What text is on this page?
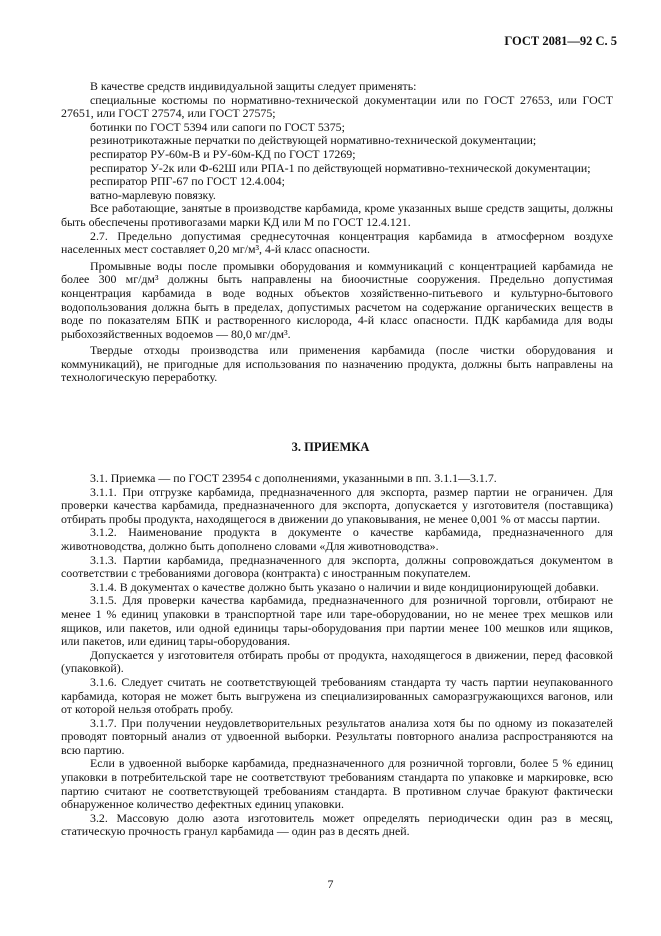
ГОСТ 2081—92 С. 5

В качестве средств индивидуальной защиты следует применять:

специальные костюмы по нормативно-технической документации или по ГОСТ 27653, или ГОСТ 27651, или ГОСТ 27574, или ГОСТ 27575;

ботинки по ГОСТ 5394 или сапоги по ГОСТ 5375;

резинотрикотажные перчатки по действующей нормативно-технической документации;

респиратор РУ-60м-В и РУ-60м-КД по ГОСТ 17269;

респиратор У-2к или Ф-62Ш или РПА-1 по действующей нормативно-технической документации;

респиратор РПГ-67 по ГОСТ 12.4.004;

ватно-марлевую повязку.

Все работающие, занятые в производстве карбамида, кроме указанных выше средств защиты, должны быть обеспечены противогазами марки КД или М по ГОСТ 12.4.121.

2.7. Предельно допустимая среднесуточная концентрация карбамида в атмосферном воздухе населенных мест составляет 0,20 мг/м³, 4-й класс опасности.

Промывные воды после промывки оборудования и коммуникаций с концентрацией карбамида не более 300 мг/дм³ должны быть направлены на биоочистные сооружения. Предельно допустимая концентрация карбамида в воде водных объектов хозяйственно-питьевого и культурно-бытового водопользования должна быть в пределах, допустимых расчетом на содержание органических веществ в воде по показателям БПК и растворенного кислорода, 4-й класс опасности. ПДК карбамида для воды рыбохозяйственных водоемов — 80,0 мг/дм³.

Твердые отходы производства или применения карбамида (после чистки оборудования и коммуникаций), не пригодные для использования по назначению продукта, должны быть направлены на технологическую переработку.

3. ПРИЕМКА

3.1. Приемка — по ГОСТ 23954 с дополнениями, указанными в пп. 3.1.1—3.1.7.

3.1.1. При отгрузке карбамида, предназначенного для экспорта, размер партии не ограничен. Для проверки качества карбамида, предназначенного для экспорта, допускается у изготовителя (поставщика) отбирать пробы продукта, находящегося в движении до упаковывания, не менее 0,001 % от массы партии.

3.1.2. Наименование продукта в документе о качестве карбамида, предназначенного для животноводства, должно быть дополнено словами «Для животноводства».

3.1.3. Партии карбамида, предназначенного для экспорта, должны сопровождаться документом в соответствии с требованиями договора (контракта) с иностранным покупателем.

3.1.4. В документах о качестве должно быть указано о наличии и виде кондиционирующей добавки.

3.1.5. Для проверки качества карбамида, предназначенного для розничной торговли, отбирают не менее 1 % единиц упаковки в транспортной таре или таре-оборудовании, но не менее трех мешков или ящиков, или пакетов, или одной единицы тары-оборудования при партии менее 100 мешков или ящиков, или пакетов, или единиц тары-оборудования.

Допускается у изготовителя отбирать пробы от продукта, находящегося в движении, перед фасовкой (упаковкой).

3.1.6. Следует считать не соответствующей требованиям стандарта ту часть партии неупакованного карбамида, которая не может быть выгружена из специализированных саморазгружающихся вагонов, или от которой нельзя отобрать пробу.

3.1.7. При получении неудовлетворительных результатов анализа хотя бы по одному из показателей проводят повторный анализ от удвоенной выборки. Результаты повторного анализа распространяются на всю партию.

Если в удвоенной выборке карбамида, предназначенного для розничной торговли, более 5 % единиц упаковки в потребительской таре не соответствуют требованиям стандарта по упаковке и маркировке, всю партию считают не соответствующей требованиям стандарта. В противном случае бракуют фактически обнаруженное количество дефектных единиц упаковки.

3.2. Массовую долю азота изготовитель может определять периодически один раз в месяц, статическую прочность гранул карбамида — один раз в десять дней.

7
